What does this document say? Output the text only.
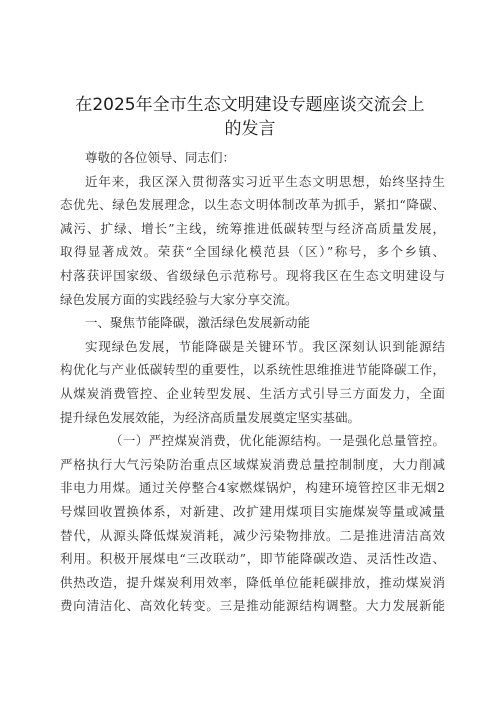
在2025年全市生态文明建设专题座谈交流会上
的发言
尊敬的各位领导、同志们：
近年来，我区深入贯彻落实习近平生态文明思想，始终坚持生
态优先、绿色发展理念，以生态文明体制改革为抓手，紧扣“降碳、
减污、扩绿、增长”主线，统筹推进低碳转型与经济高质量发展，
取得显著成效。荣获“全国绿化模范县（区）”称号，多个乡镇、
村落获评国家级、省级绿色示范称号。现将我区在生态文明建设与
绿色发展方面的实践经验与大家分享交流。
一、聚焦节能降碳，激活绿色发展新动能
实现绿色发展，节能降碳是关键环节。我区深刻认识到能源结
构优化与产业低碳转型的重要性，以系统性思维推进节能降碳工作，
从煤炭消费管控、企业转型发展、生活方式引导三方面发力，全面
提升绿色发展效能，为经济高质量发展奠定坚实基础。
（一）严控煤炭消费，优化能源结构。一是强化总量管控。
严格执行大气污染防治重点区域煤炭消费总量控制制度，大力削减
非电力用煤。通过关停整合4家燃煤锅炉，构建环境管控区非无烟2
号煤回收置换体系，对新建、改扩建用煤项目实施煤炭等量或减量
替代，从源头降低煤炭消耗，减少污染物排放。二是推进清洁高效
利用。积极开展煤电“三改联动”，即节能降碳改造、灵活性改造、
供热改造，提升煤炭利用效率，降低单位能耗碳排放，推动煤炭消
费向清洁化、高效化转变。三是推动能源结构调整。大力发展新能
